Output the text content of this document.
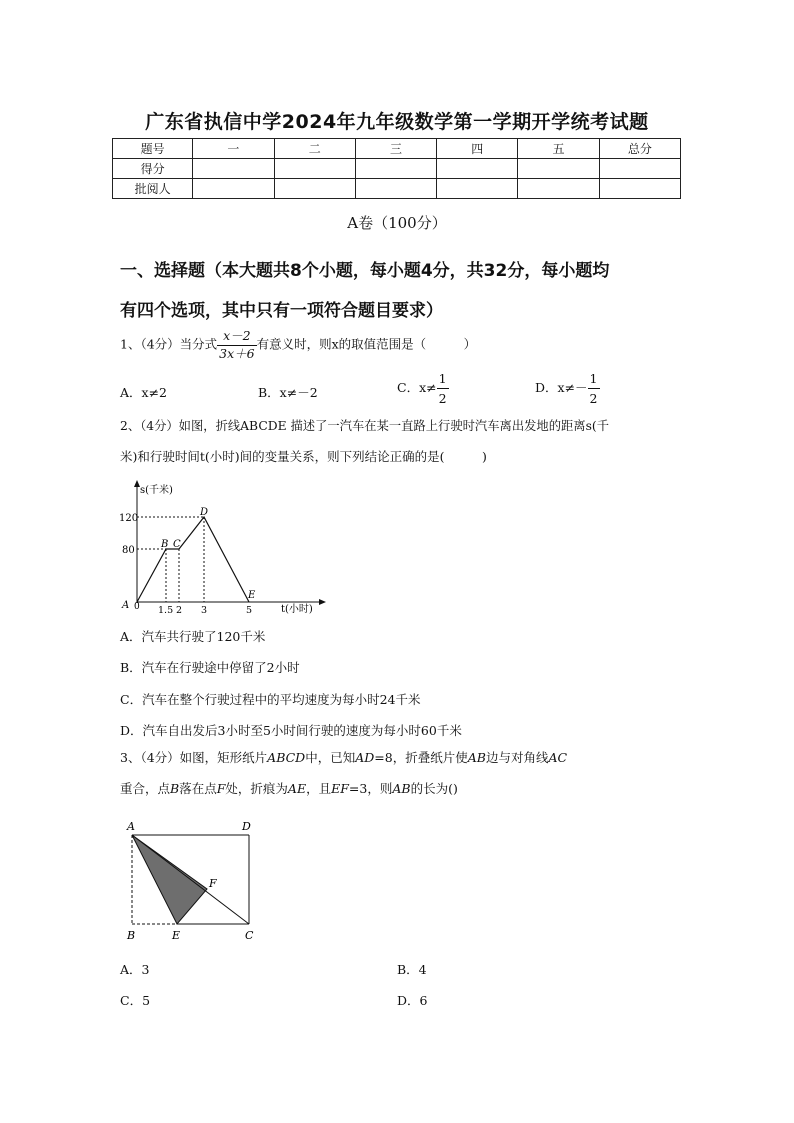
广东省执信中学2024年九年级数学第一学期开学统考试题
题号	一	二	三	四	五	总分
得分						
批阅人						
A卷（100分）
一、选择题（本大题共8个小题，每小题4分，共32分，每小题均
有四个选项，其中只有一项符合题目要求）
1、（4分）当分式 $\frac{x-2}{3x+6}$ 有意义时，则x的取值范围是（　　　）
A．x≠2	B．x≠－2	C．$x\ne \frac{1}{2}$	D．$x\ne- \frac{1}{2}$
2、（4分）如图，折线ABCDE 描述了一汽车在某一直路上行驶时汽车离出发地的距离s(千
米)和行驶时间t(小时)间的变量关系，则下列结论正确的是(　　　)
s(千米)
t(小时)
120
80
1.5 2 3	5
0
A
B C
D
E
A．汽车共行驶了120千米
B．汽车在行驶途中停留了2小时
C．汽车在整个行驶过程中的平均速度为每小时24千米
D．汽车自出发后3小时至5小时间行驶的速度为每小时60千米
3、（4分）如图，矩形纸片ABCD中，已知AD=8，折叠纸片使AB边与对角线AC
重合，点B落在点F处，折痕为AE，且EF=3，则AB的长为()
A	D
F
B	E	C
A．3	B．4
C．5	D．6
